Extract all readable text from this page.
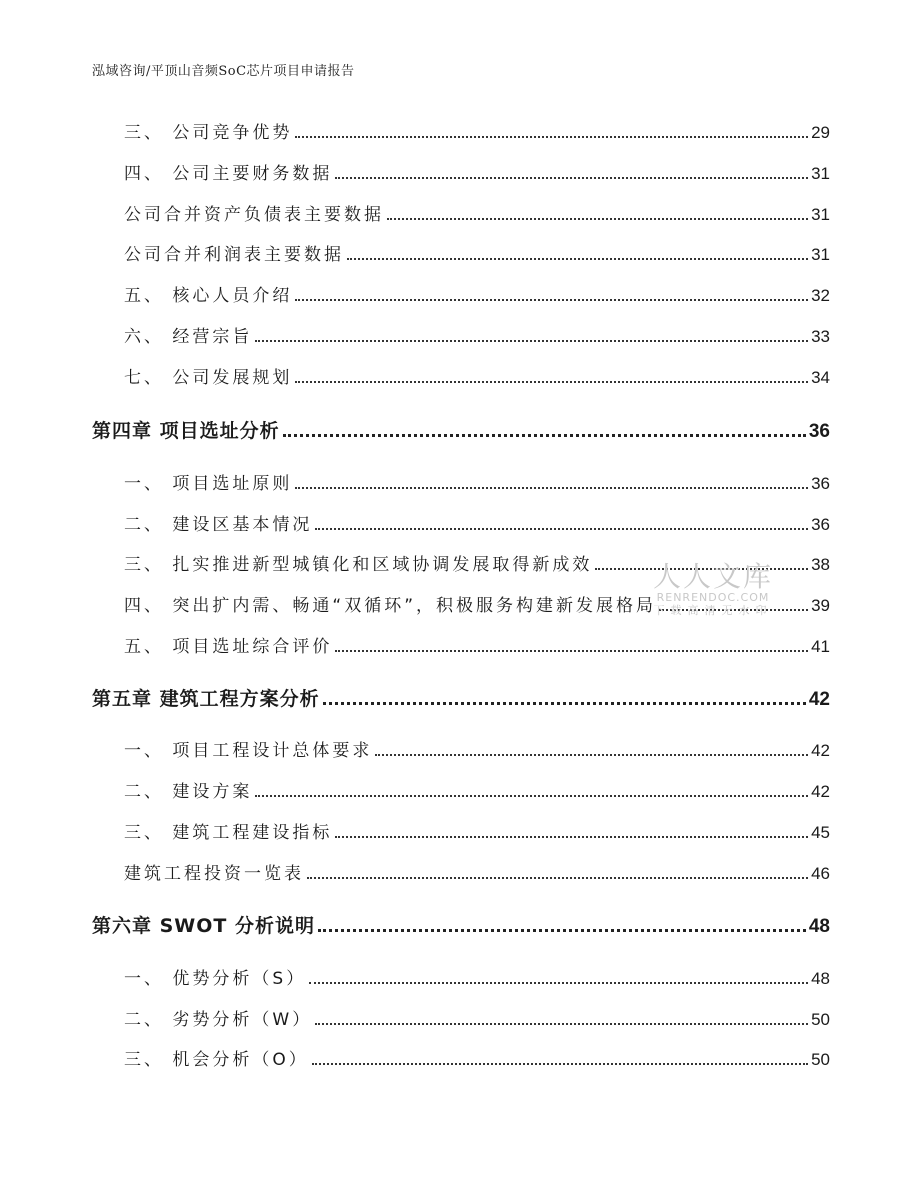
泓域咨询/平顶山音频SoC芯片项目申请报告
三、 公司竞争优势	29
四、 公司主要财务数据	31
公司合并资产负债表主要数据	31
公司合并利润表主要数据	31
五、 核心人员介绍	32
六、 经营宗旨	33
七、 公司发展规划	34
第四章 项目选址分析	36
一、 项目选址原则	36
二、 建设区基本情况	36
三、 扎实推进新型城镇化和区域协调发展取得新成效	38
四、 突出扩内需、畅通“双循环”，积极服务构建新发展格局	39
五、 项目选址综合评价	41
第五章 建筑工程方案分析	42
一、 项目工程设计总体要求	42
二、 建设方案	42
三、 建筑工程建设指标	45
建筑工程投资一览表	46
第六章 SWOT 分析说明	48
一、 优势分析（S）	48
二、 劣势分析（W）	50
三、 机会分析（O）	50
人人文库
RENRENDOC.COM
下载高清无水印
